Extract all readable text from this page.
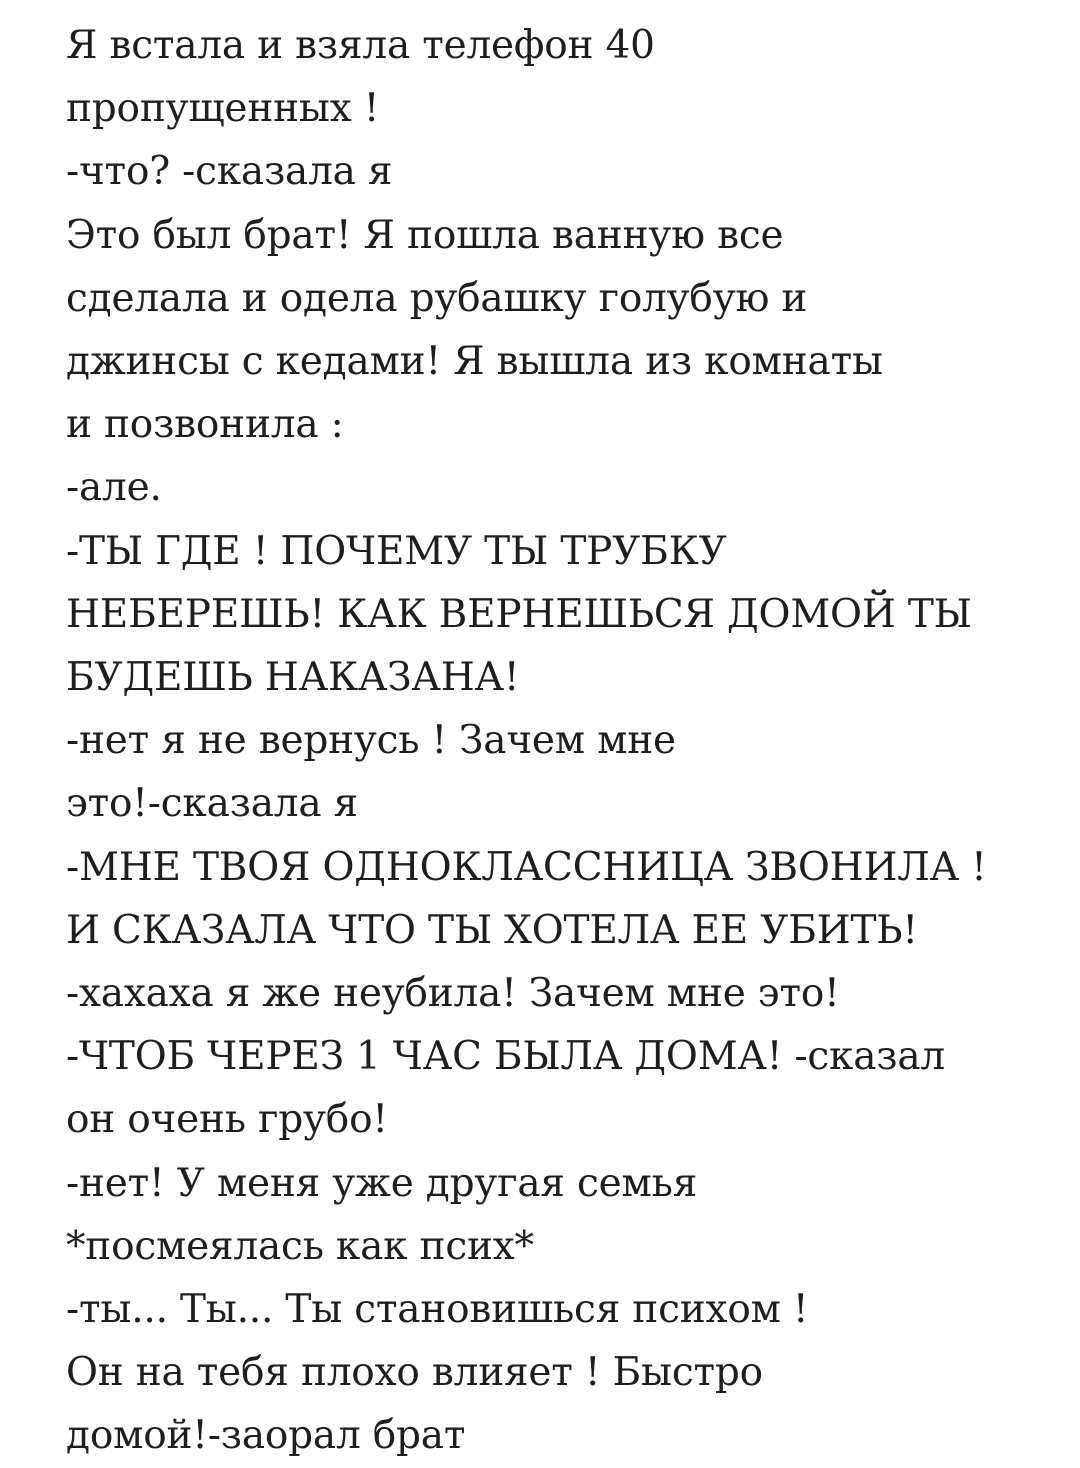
Я встала и взяла телефон 40
пропущенных !
-что? -сказала я
Это был брат! Я пошла ванную все
сделала и одела рубашку голубую и
джинсы с кедами! Я вышла из комнаты
и позвонила :
-але.
-ТЫ ГДЕ ! ПОЧЕМУ ТЫ ТРУБКУ
НЕБЕРЕШЬ! КАК ВЕРНЕШЬСЯ ДОМОЙ ТЫ
БУДЕШЬ НАКАЗАНА!
-нет я не вернусь ! Зачем мне
это!-сказала я
-МНЕ ТВОЯ ОДНОКЛАССНИЦА ЗВОНИЛА !
И СКАЗАЛА ЧТО ТЫ ХОТЕЛА ЕЕ УБИТЬ!
-хахаха я же неубила! Зачем мне это!
-ЧТОБ ЧЕРЕЗ 1 ЧАС БЫЛА ДОМА! -сказал
он очень грубо!
-нет! У меня уже другая семья
*посмеялась как псих*
-ты... Ты... Ты становишься психом !
Он на тебя плохо влияет ! Быстро
домой!-заорал брат
